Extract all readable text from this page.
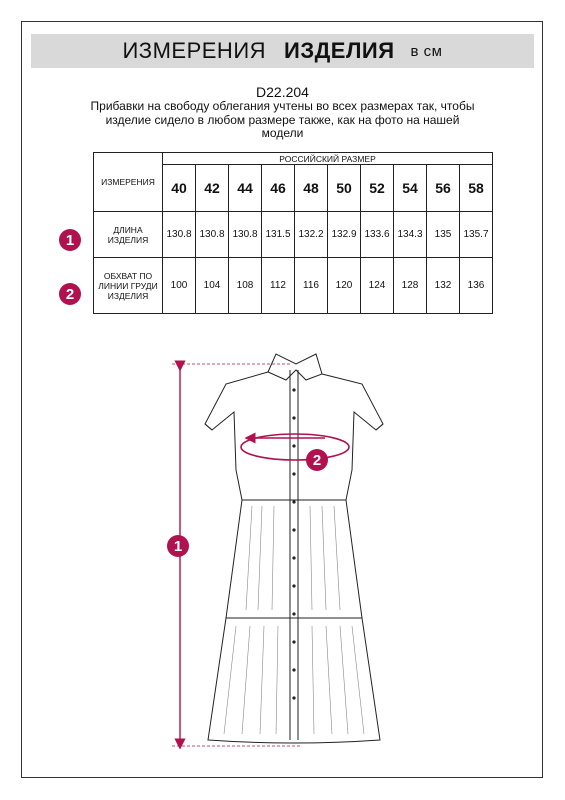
ИЗМЕРЕНИЯ ИЗДЕЛИЯ в см
D22.204
Прибавки на свободу облегания учтены во всех размерах так, чтобы изделие сидело в любом размере также, как на фото на нашей модели
ИЗМЕРЕНИЯ	РОССИЙСКИЙ РАЗМЕР									
	40	42	44	46	48	50	52	54	56	58
ДЛИНА ИЗДЕЛИЯ	130.8	130.8	130.8	131.5	132.2	132.9	133.6	134.3	135	135.7
ОБХВАТ ПО ЛИНИИ ГРУДИ ИЗДЕЛИЯ	100	104	108	112	116	120	124	128	132	136
1
2
1
2
